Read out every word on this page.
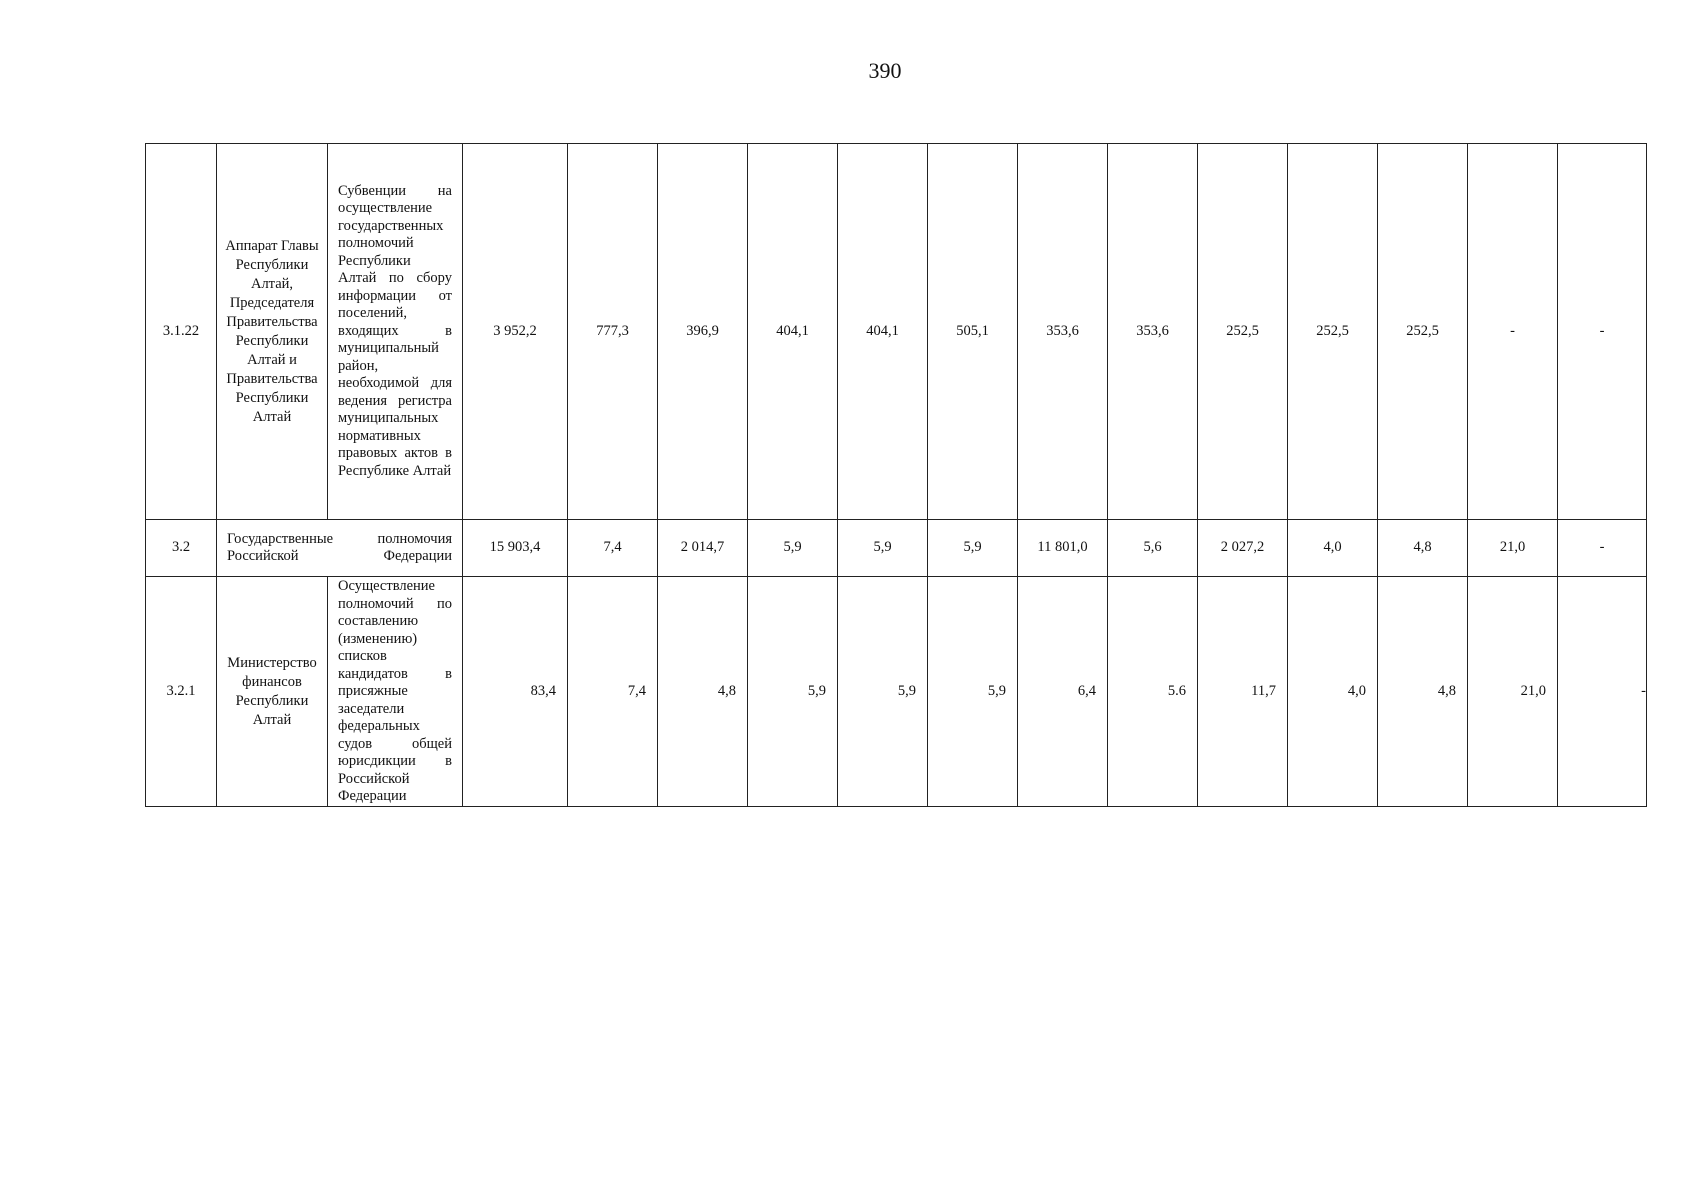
390
3.1.22	Аппарат Главы Республики Алтай, Председателя Правительства Республики Алтай и Правительства Республики Алтай	Субвенции на осуществление государственных полномочий Республики Алтай по сбору информации от поселений, входящих в муниципальный район, необходимой для ведения регистра муниципальных нормативных правовых актов в Республике Алтай	3 952,2	777,3	396,9	404,1	404,1	505,1	353,6	353,6	252,5	252,5	252,5	-	-
3.2	Государственные полномочия Российской Федерации		15 903,4	7,4	2 014,7	5,9	5,9	5,9	11 801,0	5,6	2 027,2	4,0	4,8	21,0	-
3.2.1	Министерство финансов Республики Алтай	Осуществление полномочий по составлению (изменению) списков кандидатов в присяжные заседатели федеральных судов общей юрисдикции в Российской Федерации	83,4	7,4	4,8	5,9	5,9	5,9	6,4	5.6	11,7	4,0	4,8	21,0	-
